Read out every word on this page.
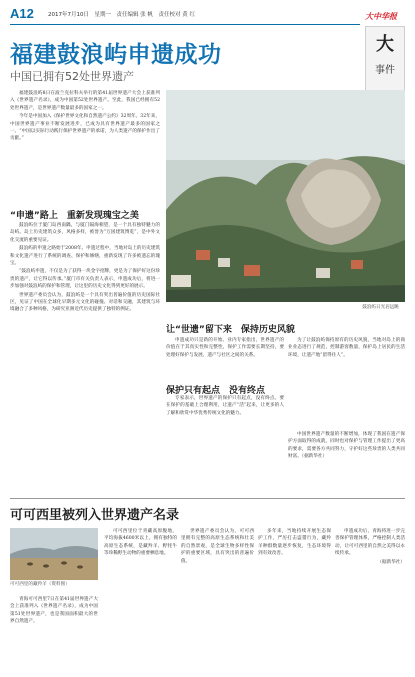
A12	2017年7月10日　星期一　责任编辑 张 帆　责任校对 黄 红	大中华报
大
事件
福建鼓浪屿申遗成功
中国已拥有52处世界遗产

福建鼓浪屿8日在波兰克拉科夫举行的第41届世界遗产大会上获准列入《世界遗产名录》，成为中国第52处世界遗产。至此，我国已经拥有52处世界遗产，是世界遗产数量最多的国家之一。

今年是中国加入《保护世界文化和自然遗产公约》32周年。32年来，中国世界遗产事业不断发展进步，已成为具有世界遗产最多的国家之一。“中国以实际行动践行保护世界遗产的承诺，为人类遗产的保护作出了贡献。”

“申遗”路上　重新发现瑰宝之美

鼓浪屿位于厦门岛西南隅，与厦门隔海相望，是一个具有独特魅力的岛屿。岛上历史建筑众多，风格多样，被誉为“万国建筑博览”，是中外文化交流的重要见证。

鼓浪屿的申遗之路始于2008年。申遗过程中，当地对岛上的历史建筑和文化遗产进行了系统的调查、保护和修缮，重新发现了许多被遗忘的瑰宝。

“鼓浪屿申遗，不仅是为了获得一块金字招牌，更是为了保护好这份珍贵的遗产，让它得以传承。”厦门市有关负责人表示，申遗成功后，将进一步加强对鼓浪屿的保护和管理，让这里的历史文化得到更好的展示。

世界遗产委员会认为，鼓浪屿是一个具有突出普遍价值的历史国际社区，见证了中国在全球化早期多元文化的碰撞、对话和交融，其建筑与环境融合了多种风格，为研究亚洲近代历史提供了独特的例证。	鼓浪屿日光岩远眺
让“世遗”留下来　保持历史风貌

申遗成功只是新的开始。业内专家指出，世界遗产的价值在于其真实性和完整性，保护工作需要长期坚持，要处理好保护与发展、遗产与社区之间的关系。

为了让鼓浪屿保持原有的历史风貌，当地对岛上的商业业态进行了规范，控制游客数量，保护岛上居民的生活环境，让遗产地“留得住人”。

保护只有起点　没有终点

专家表示，世界遗产的保护只有起点，没有终点。要在保护的基础上合理利用，让遗产“活”起来，让更多的人了解和欣赏中华优秀传统文化的魅力。

中国世界遗产数量的不断增加，体现了我国在遗产保护方面取得的成就，同时也对保护与管理工作提出了更高的要求，需要各方共同努力，守护好这些珍贵的人类共同财富。（据新华社）

可可西里被列入世界遗产名录
可可西里的藏羚羊（资料图）

青海可可西里7日在第41届世界遗产大会上获准列入《世界遗产名录》，成为中国第51处世界遗产，也是我国面积最大的世界自然遗产。

可可西里位于青藏高原腹地，平均海拔4600米以上，拥有独特的高原生态系统，是藏羚羊、野牦牛等珍稀野生动物的重要栖息地。

世界遗产委员会认为，可可西里拥有完整的高原生态系统和壮美的自然景观，是全球生物多样性保护的重要区域，具有突出的普遍价值。

多年来，当地持续开展生态保护工作，严厉打击盗猎行为，藏羚羊种群数量逐步恢复，生态环境得到有效改善。

申遗成功后，青海将进一步完善保护管理体系，严格控制人类活动，让可可西里的自然之美得以永续传承。

（据新华社）
